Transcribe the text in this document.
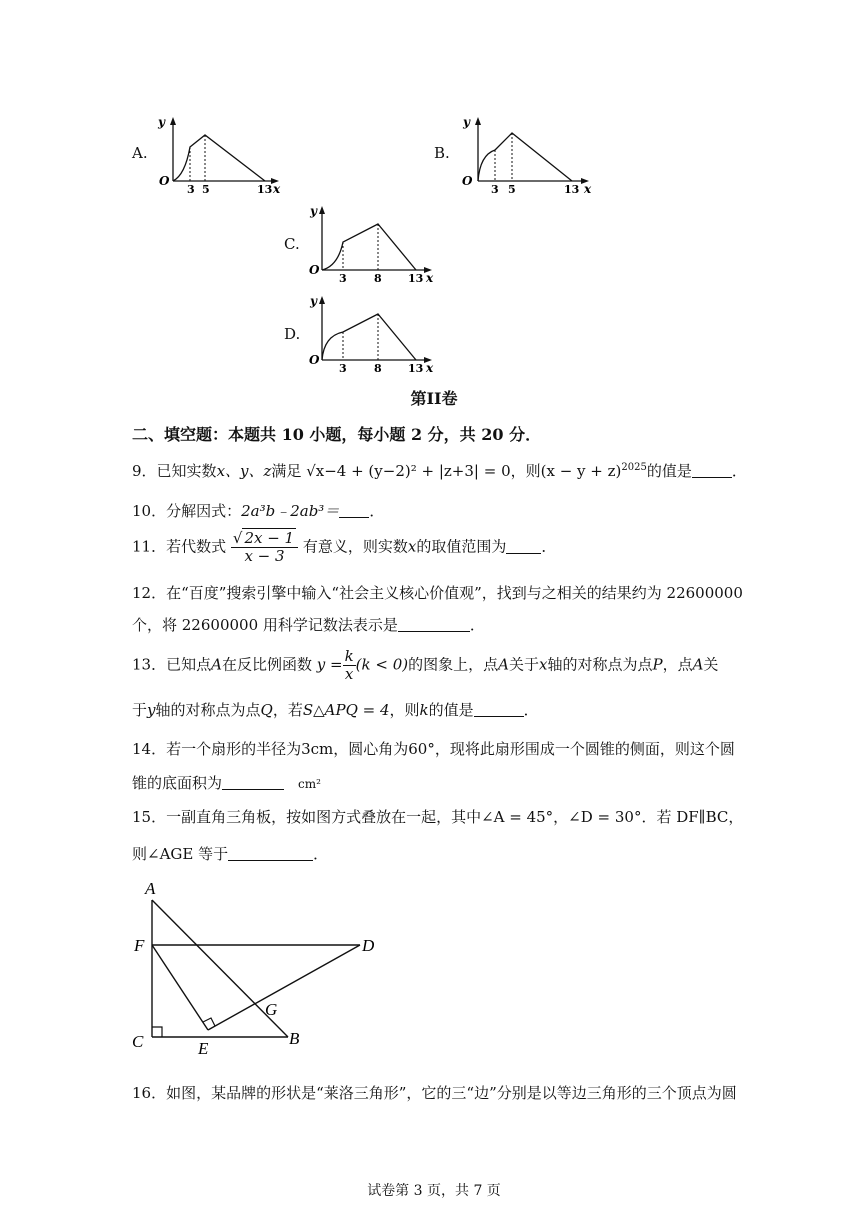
A.
y
O
3 5	13 x
B.
y
O
3 5	13 x
C.
y
O
3 8 13 x
D.
y
O
3 8 13 x
第II卷
二、填空题：本题共 10 小题，每小题 2 分，共 20 分．
9．已知实数x、y、z满足 √x−4 + (y−2)² + |z+3| = 0，则$(x - y + z)^{2025}$的值是	．
10．分解因式：2a³b﹣2ab³＝ ．
11．若代数式 $\frac{√ 2x - 1}{x - 3}$ 有意义，则实数x的取值范围为 ．
12．在“百度”搜索引擎中输入“社会主义核心价值观”，找到与之相关的结果约为 22600000
个，将 22600000 用科学记数法表示是	．
13．已知点A在反比例函数 $y = \frac{k}{x} (k < 0)$的图象上，点A关于x轴的对称点为点P，点A关
于y轴的对称点为点Q，若S△APQ = 4，则k的值是	．
14．若一个扇形的半径为3cm，圆心角为60°，现将此扇形围成一个圆锥的侧面，则这个圆
锥的底面积为	cm²
15．一副直角三角板，按如图方式叠放在一起，其中∠A = 45°，∠D = 30°．若 DF∥BC，
则∠AGE 等于	．
A
F
C	B
D
E
G
16．如图，某品牌的形状是“莱洛三角形”，它的三“边”分别是以等边三角形的三个顶点为圆
试卷第 3 页，共 7 页
